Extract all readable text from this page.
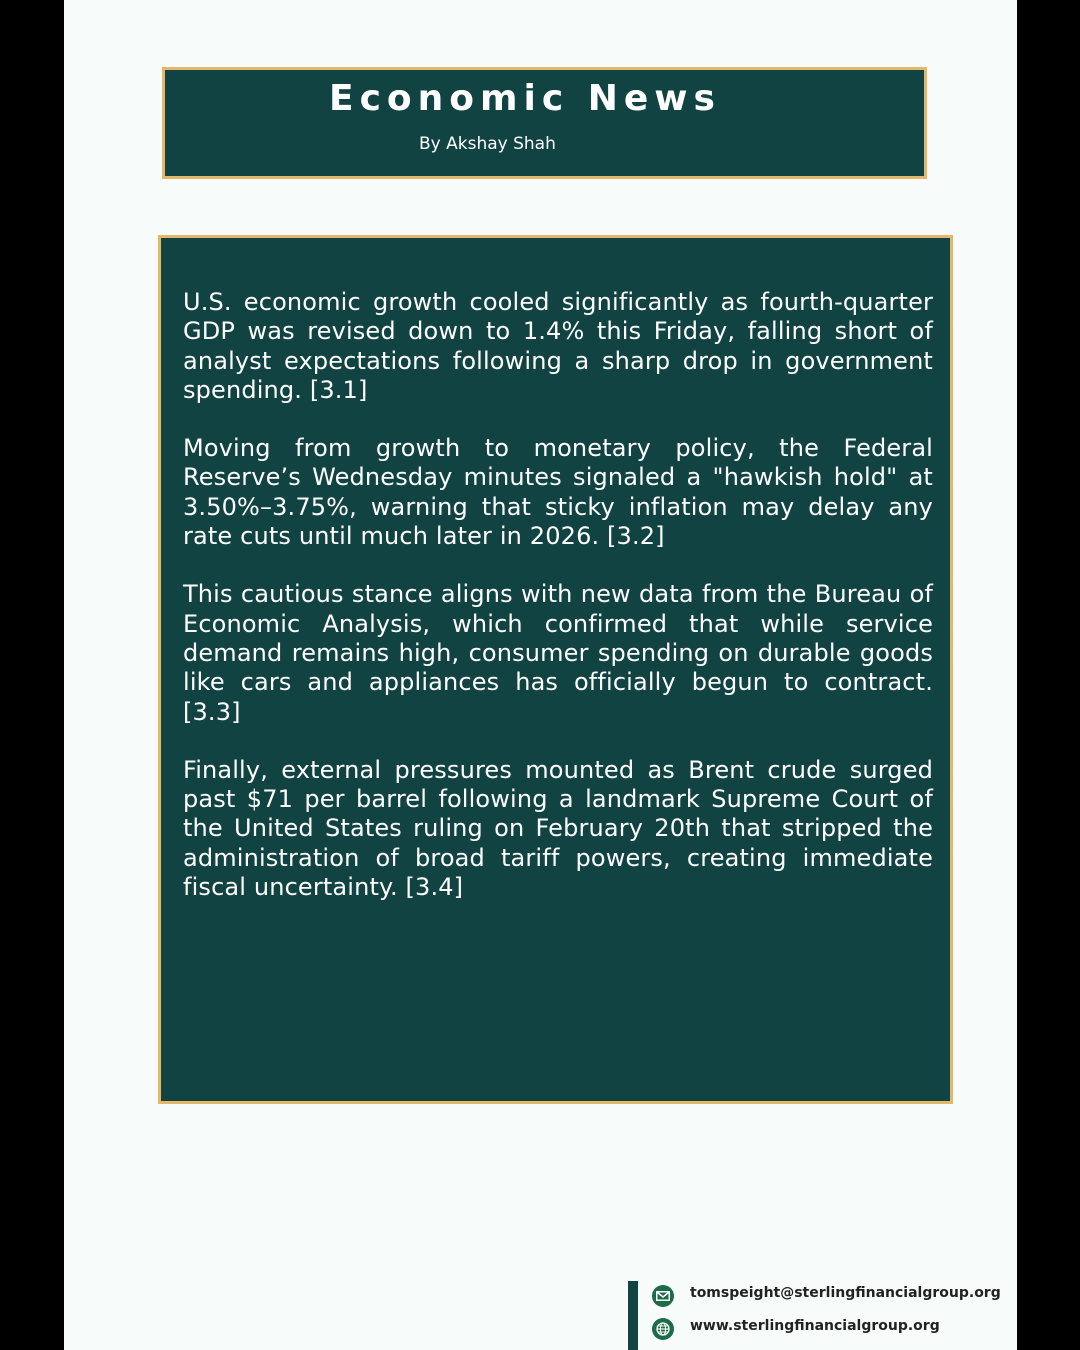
Economic News
By Akshay Shah

U.S. economic growth cooled significantly as fourth-quarter GDP was revised down to 1.4% this Friday, falling short of analyst expectations following a sharp drop in government spending. [3.1]

Moving from growth to monetary policy, the Federal Reserve’s Wednesday minutes signaled a "hawkish hold" at 3.50%–3.75%, warning that sticky inflation may delay any rate cuts until much later in 2026. [3.2]

This cautious stance aligns with new data from the Bureau of Economic Analysis, which confirmed that while service demand remains high, consumer spending on durable goods like cars and appliances has officially begun to contract. [3.3]

Finally, external pressures mounted as Brent crude surged past $71 per barrel following a landmark Supreme Court of the United States ruling on February 20th that stripped the administration of broad tariff powers, creating immediate fiscal uncertainty. [3.4]

tomspeight@sterlingfinancialgroup.org
www.sterlingfinancialgroup.org
